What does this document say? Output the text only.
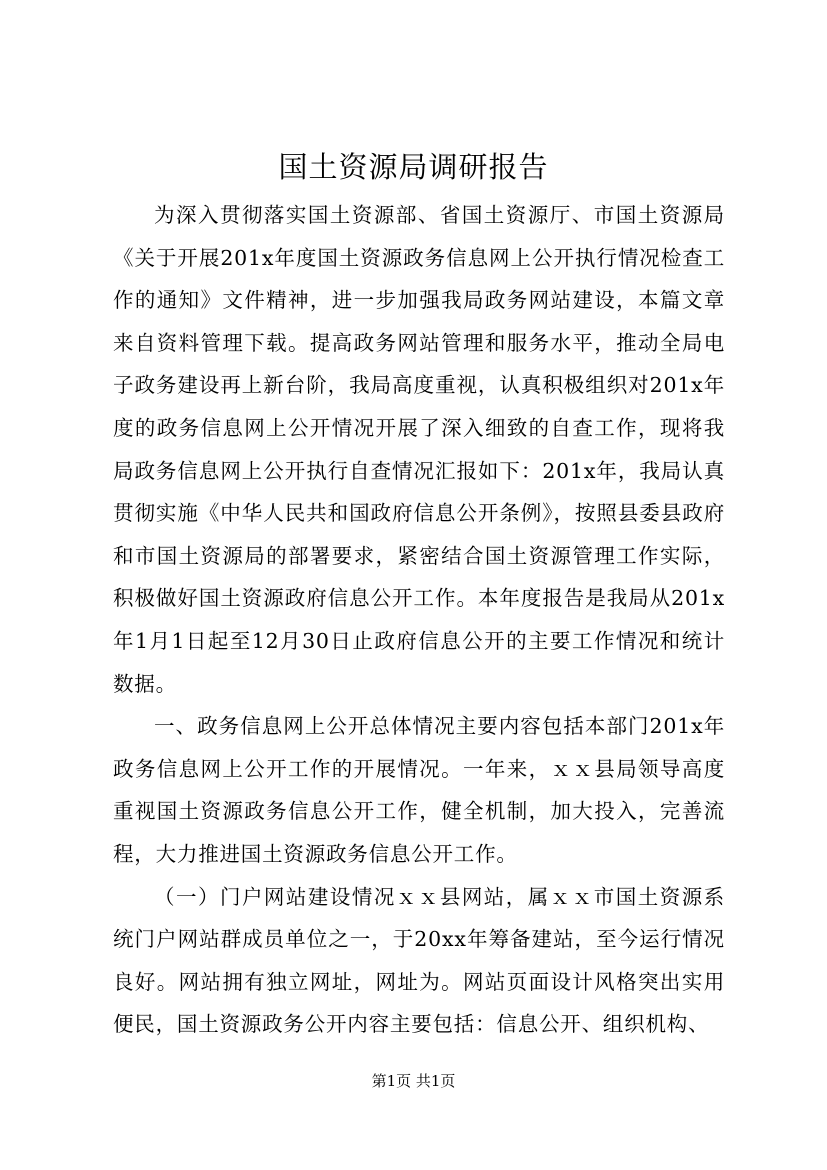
国土资源局调研报告

为深入贯彻落实国土资源部、省国土资源厅、市国土资源局《关于开展201x年度国土资源政务信息网上公开执行情况检查工作的通知》文件精神，进一步加强我局政务网站建设，本篇文章来自资料管理下载。提高政务网站管理和服务水平，推动全局电子政务建设再上新台阶，我局高度重视，认真积极组织对201x年度的政务信息网上公开情况开展了深入细致的自查工作，现将我局政务信息网上公开执行自查情况汇报如下：201x年，我局认真贯彻实施《中华人民共和国政府信息公开条例》，按照县委县政府和市国土资源局的部署要求，紧密结合国土资源管理工作实际，积极做好国土资源政府信息公开工作。本年度报告是我局从201x年1月1日起至12月30日止政府信息公开的主要工作情况和统计数据。

一、政务信息网上公开总体情况主要内容包括本部门201x年政务信息网上公开工作的开展情况。一年来，ｘｘ县局领导高度重视国土资源政务信息公开工作，健全机制，加大投入，完善流程，大力推进国土资源政务信息公开工作。

（一）门户网站建设情况ｘｘ县网站，属ｘｘ市国土资源系统门户网站群成员单位之一，于20xx年筹备建站，至今运行情况良好。网站拥有独立网址，网址为。网站页面设计风格突出实用便民，国土资源政务公开内容主要包括：信息公开、组织机构、

第1页 共1页
